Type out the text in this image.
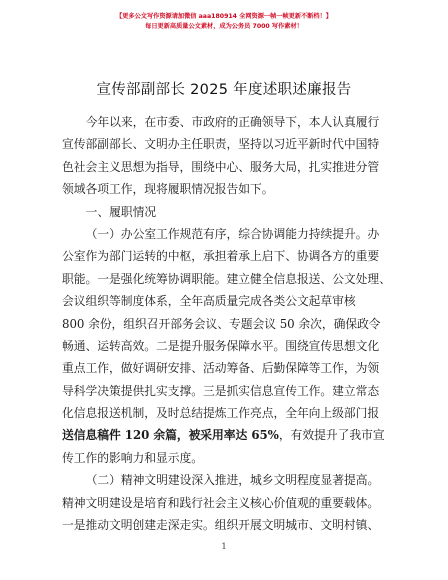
【更多公文写作资源请加微信 aaa180914 全网资源一帧一帧更新不断档！】
每日更新高质量公文素材，成为公务员 7000 写作素材！
宣传部副部长 2025 年度述职述廉报告
今年以来，在市委、市政府的正确领导下，本人认真履行
宣传部副部长、文明办主任职责，坚持以习近平新时代中国特
色社会主义思想为指导，围绕中心、服务大局，扎实推进分管
领域各项工作，现将履职情况报告如下。
一、履职情况
（一）办公室工作规范有序，综合协调能力持续提升。办
公室作为部门运转的中枢，承担着承上启下、协调各方的重要
职能。一是强化统筹协调职能。建立健全信息报送、公文处理、
会议组织等制度体系，全年高质量完成各类公文起草审核
800 余份，组织召开部务会议、专题会议 50 余次，确保政令
畅通、运转高效。二是提升服务保障水平。围绕宣传思想文化
重点工作，做好调研安排、活动筹备、后勤保障等工作，为领
导科学决策提供扎实支撑。三是抓实信息宣传工作。建立常态
化信息报送机制，及时总结提炼工作亮点，全年向上级部门报
送信息稿件 120 余篇，被采用率达 65%，有效提升了我市宣
传工作的影响力和显示度。
（二）精神文明建设深入推进，城乡文明程度显著提高。
精神文明建设是培育和践行社会主义核心价值观的重要载体。
一是推动文明创建走深走实。组织开展文明城市、文明村镇、
1
